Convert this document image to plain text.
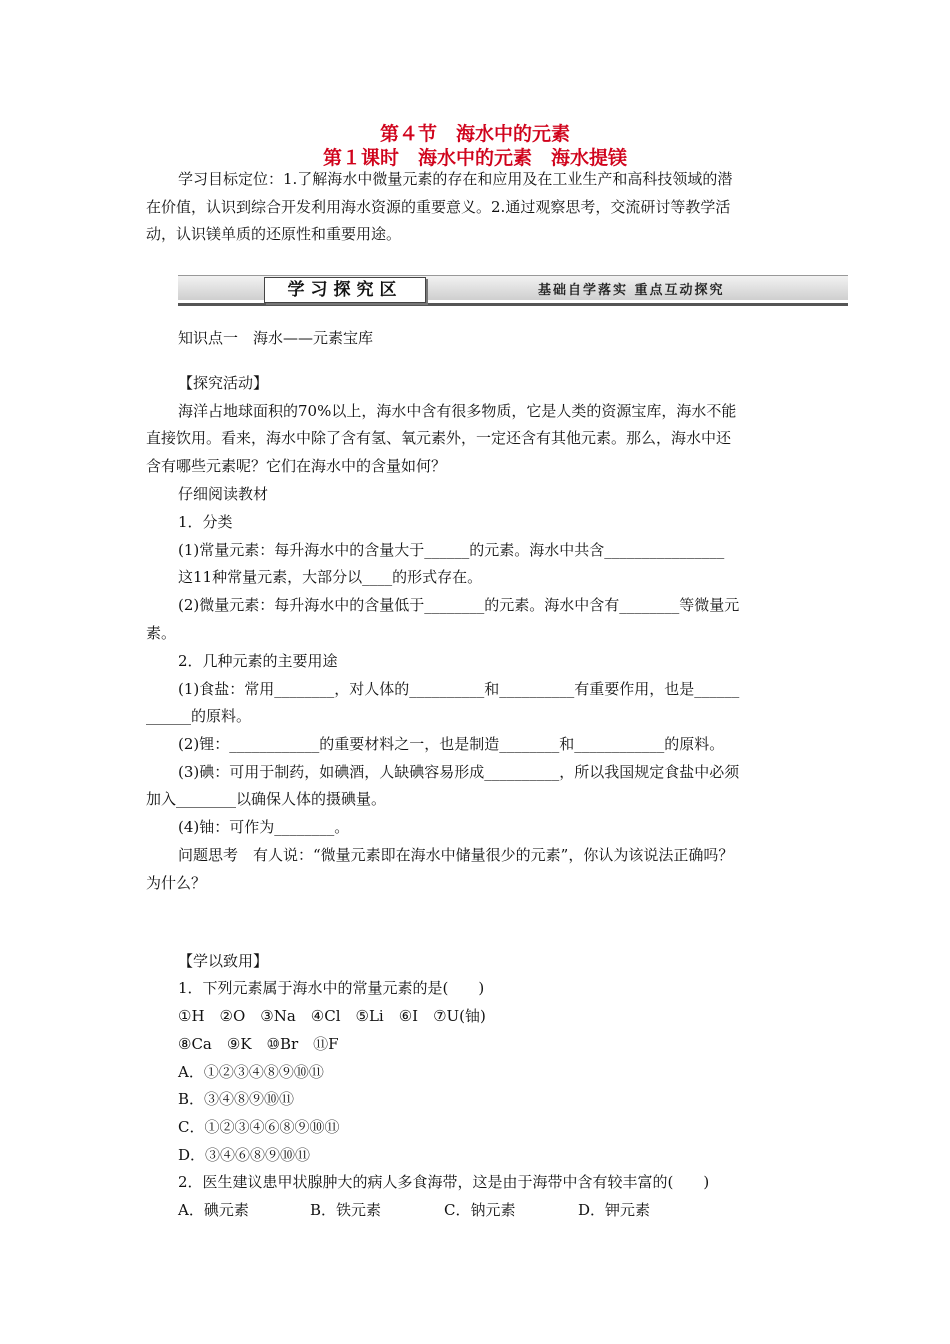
第４节　海水中的元素
第１课时　海水中的元素　海水提镁
学习目标定位：1.了解海水中微量元素的存在和应用及在工业生产和高科技领域的潜
在价值，认识到综合开发利用海水资源的重要意义。2.通过观察思考，交流研讨等教学活
动，认识镁单质的还原性和重要用途。
学习探究区	基础自学落实 重点互动探究
知识点一　海水——元素宝库
【探究活动】
海洋占地球面积的70%以上，海水中含有很多物质，它是人类的资源宝库，海水不能
直接饮用。看来，海水中除了含有氢、氧元素外，一定还含有其他元素。那么，海水中还
含有哪些元素呢？它们在海水中的含量如何？
仔细阅读教材
1．分类
(1)常量元素：每升海水中的含量大于______的元素。海水中共含________________
这11种常量元素，大部分以____的形式存在。
(2)微量元素：每升海水中的含量低于________的元素。海水中含有________等微量元
素。
2．几种元素的主要用途
(1)食盐：常用________，对人体的__________和__________有重要作用，也是______
______的原料。
(2)锂：____________的重要材料之一，也是制造________和____________的原料。
(3)碘：可用于制药，如碘酒，人缺碘容易形成__________，所以我国规定食盐中必须
加入________以确保人体的摄碘量。
(4)铀：可作为________。
问题思考　有人说：“微量元素即在海水中储量很少的元素”，你认为该说法正确吗？
为什么？
【学以致用】
1．下列元素属于海水中的常量元素的是(　　)
①H　②O　③Na　④Cl　⑤Li　⑥I　⑦U(铀)
⑧Ca　⑨K　⑩Br　⑪F
A．①②③④⑧⑨⑩⑪
B．③④⑧⑨⑩⑪
C．①②③④⑥⑧⑨⑩⑪
D．③④⑥⑧⑨⑩⑪
2．医生建议患甲状腺肿大的病人多食海带，这是由于海带中含有较丰富的(　　)
A．碘元素	B．铁元素	C．钠元素	D．钾元素
